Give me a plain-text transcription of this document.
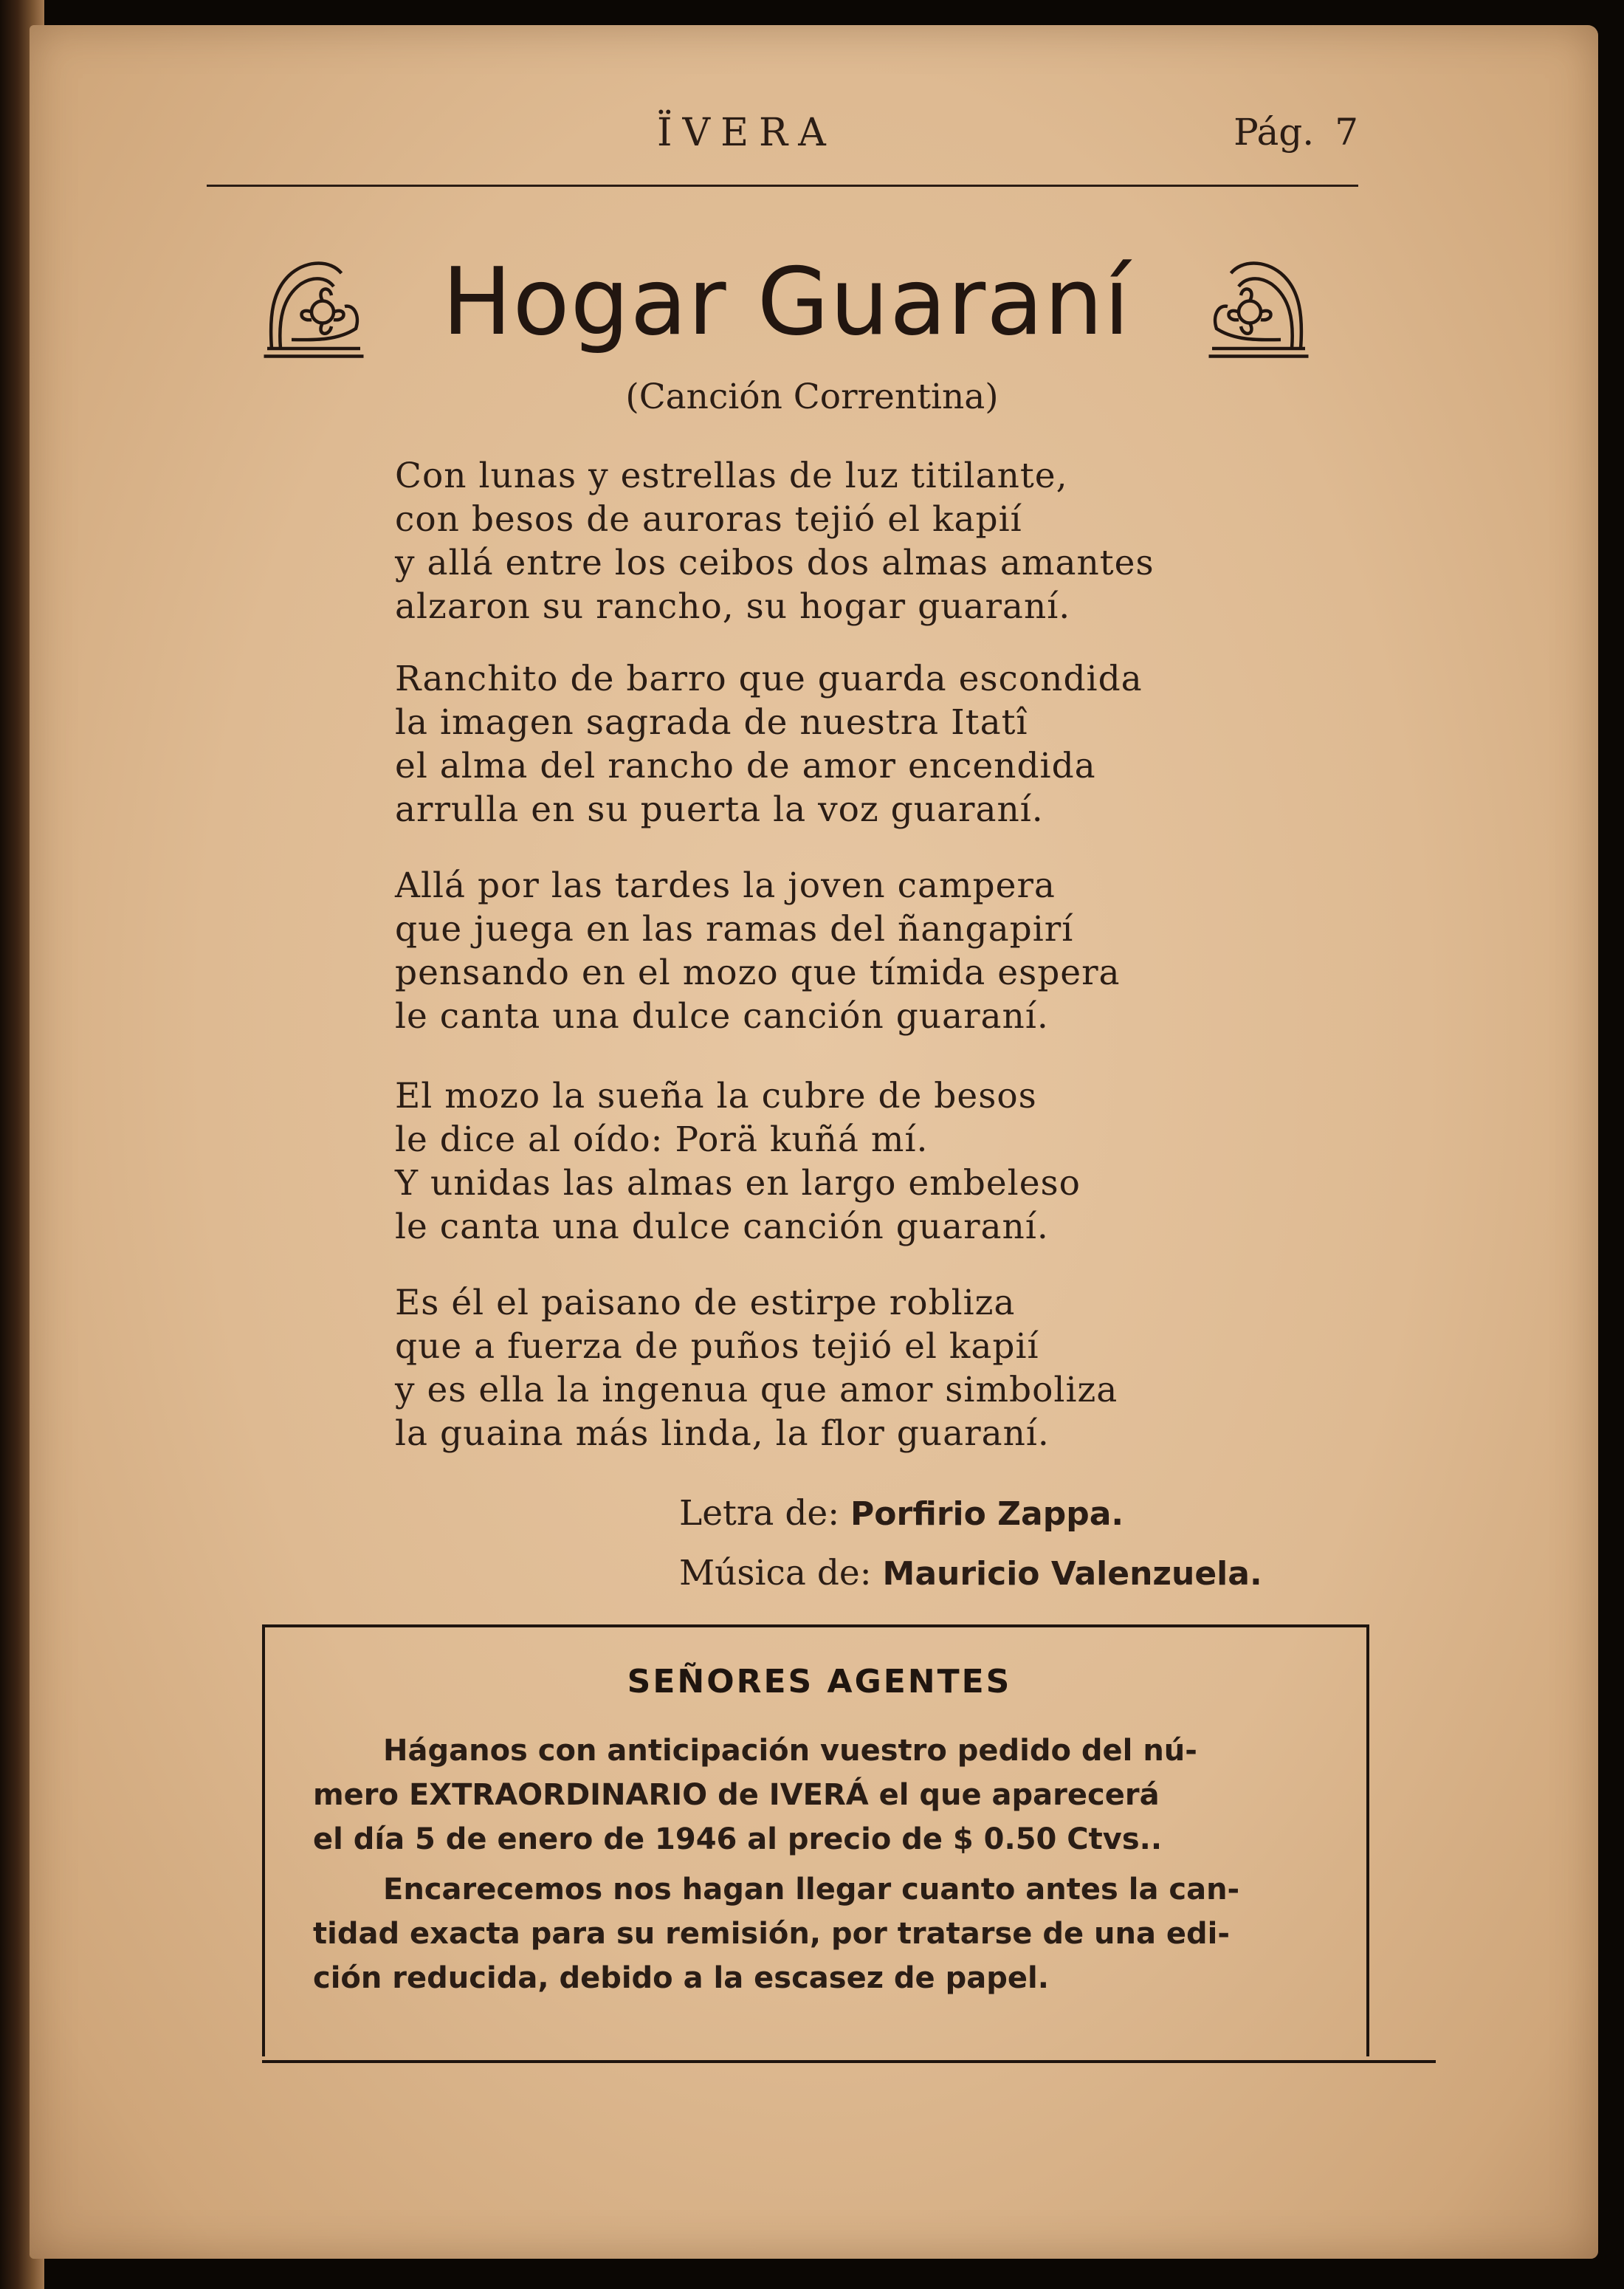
ÏVERA	Pág. 7
Hogar Guaraní
(Canción Correntina)
Con lunas y estrellas de luz titilante,
con besos de auroras tejió el kapií
y allá entre los ceibos dos almas amantes
alzaron su rancho, su hogar guaraní.
Ranchito de barro que guarda escondida
la imagen sagrada de nuestra Itatî
el alma del rancho de amor encendida
arrulla en su puerta la voz guaraní.
Allá por las tardes la joven campera
que juega en las ramas del ñangapirí
pensando en el mozo que tímida espera
le canta una dulce canción guaraní.
El mozo la sueña la cubre de besos
le dice al oído: Porä kuñá mí.
Y unidas las almas en largo embeleso
le canta una dulce canción guaraní.
Es él el paisano de estirpe robliza
que a fuerza de puños tejió el kapií
y es ella la ingenua que amor simboliza
la guaina más linda, la flor guaraní.
Letra de: Porfirio Zappa.
Música de: Mauricio Valenzuela.
SEÑORES AGENTES

Háganos con anticipación vuestro pedido del nú-
mero EXTRAORDINARIO de IVERÁ el que aparecerá
el día 5 de enero de 1946 al precio de $ 0.50 Ctvs..

Encarecemos nos hagan llegar cuanto antes la can-
tidad exacta para su remisión, por tratarse de una edi-
ción reducida, debido a la escasez de papel.
